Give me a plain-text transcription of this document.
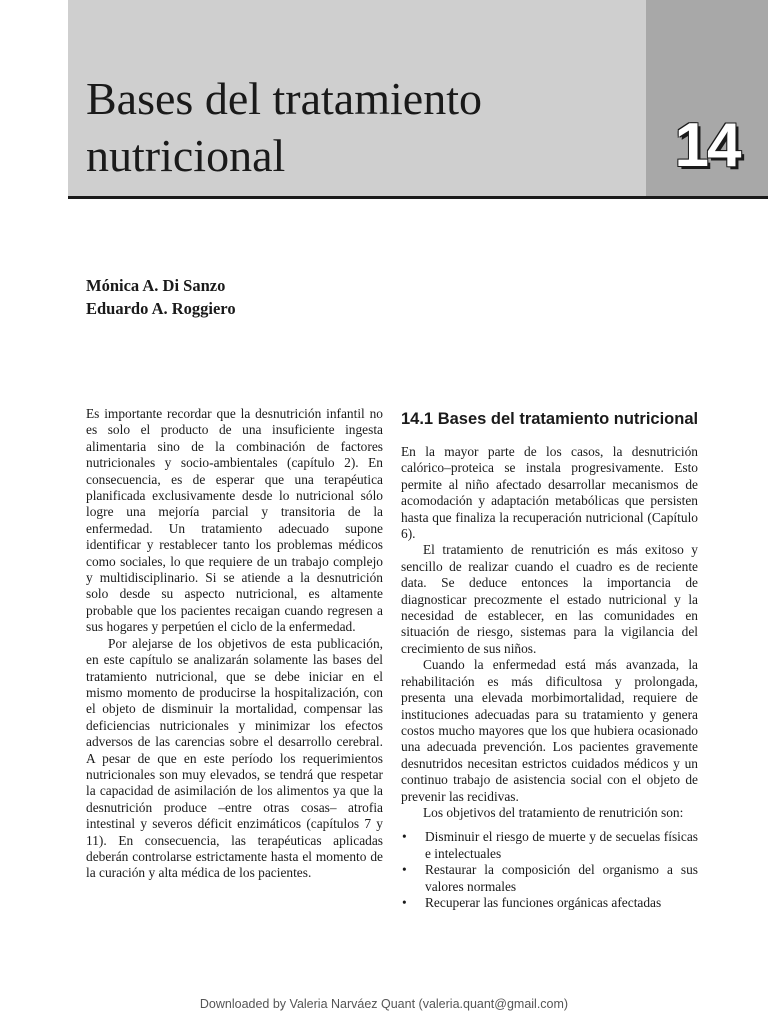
Bases del tratamiento
nutricional	14
Mónica A. Di Sanzo
Eduardo A. Roggiero

Es importante recordar que la desnutrición infantil no es solo el producto de una insuficiente ingesta alimentaria sino de la combinación de factores nutricionales y socio-ambientales (capítulo 2). En consecuencia, es de esperar que una terapéutica planificada exclusivamente desde lo nutricional sólo logre una mejoría parcial y transitoria de la enfermedad. Un tratamiento adecuado supone identificar y restablecer tanto los problemas médicos como sociales, lo que requiere de un trabajo complejo y multidisciplinario. Si se atiende a la desnutrición solo desde su aspecto nutricional, es altamente probable que los pacientes recaigan cuando regresen a sus hogares y perpetúen el ciclo de la enfermedad.

Por alejarse de los objetivos de esta publicación, en este capítulo se analizarán solamente las bases del tratamiento nutricional, que se debe iniciar en el mismo momento de producirse la hospitalización, con el objeto de disminuir la mortalidad, compensar las deficiencias nutricionales y minimizar los efectos adversos de las carencias sobre el desarrollo cerebral. A pesar de que en este período los requerimientos nutricionales son muy elevados, se tendrá que respetar la capacidad de asimilación de los alimentos ya que la desnutrición produce –entre otras cosas– atrofia intestinal y severos déficit enzimáticos (capítulos 7 y 11). En consecuencia, las terapéuticas aplicadas deberán controlarse estrictamente hasta el momento de la curación y alta médica de los pacientes.

14.1 Bases del tratamiento nutricional

En la mayor parte de los casos, la desnutrición calórico–proteica se instala progresivamente. Esto permite al niño afectado desarrollar mecanismos de acomodación y adaptación metabólicas que persisten hasta que finaliza la recuperación nutricional (Capítulo 6).

El tratamiento de renutrición es más exitoso y sencillo de realizar cuando el cuadro es de reciente data. Se deduce entonces la importancia de diagnosticar precozmente el estado nutricional y la necesidad de establecer, en las comunidades en situación de riesgo, sistemas para la vigilancia del crecimiento de sus niños.

Cuando la enfermedad está más avanzada, la rehabilitación es más dificultosa y prolongada, presenta una elevada morbimortalidad, requiere de instituciones adecuadas para su tratamiento y genera costos mucho mayores que los que hubiera ocasionado una adecuada prevención. Los pacientes gravemente desnutridos necesitan estrictos cuidados médicos y un continuo trabajo de asistencia social con el objeto de prevenir las recidivas.

Los objetivos del tratamiento de renutrición son:

• Disminuir el riesgo de muerte y de secuelas físicas e intelectuales
• Restaurar la composición del organismo a sus valores normales
• Recuperar las funciones orgánicas afectadas
Downloaded by Valeria Narváez Quant (valeria.quant@gmail.com)
